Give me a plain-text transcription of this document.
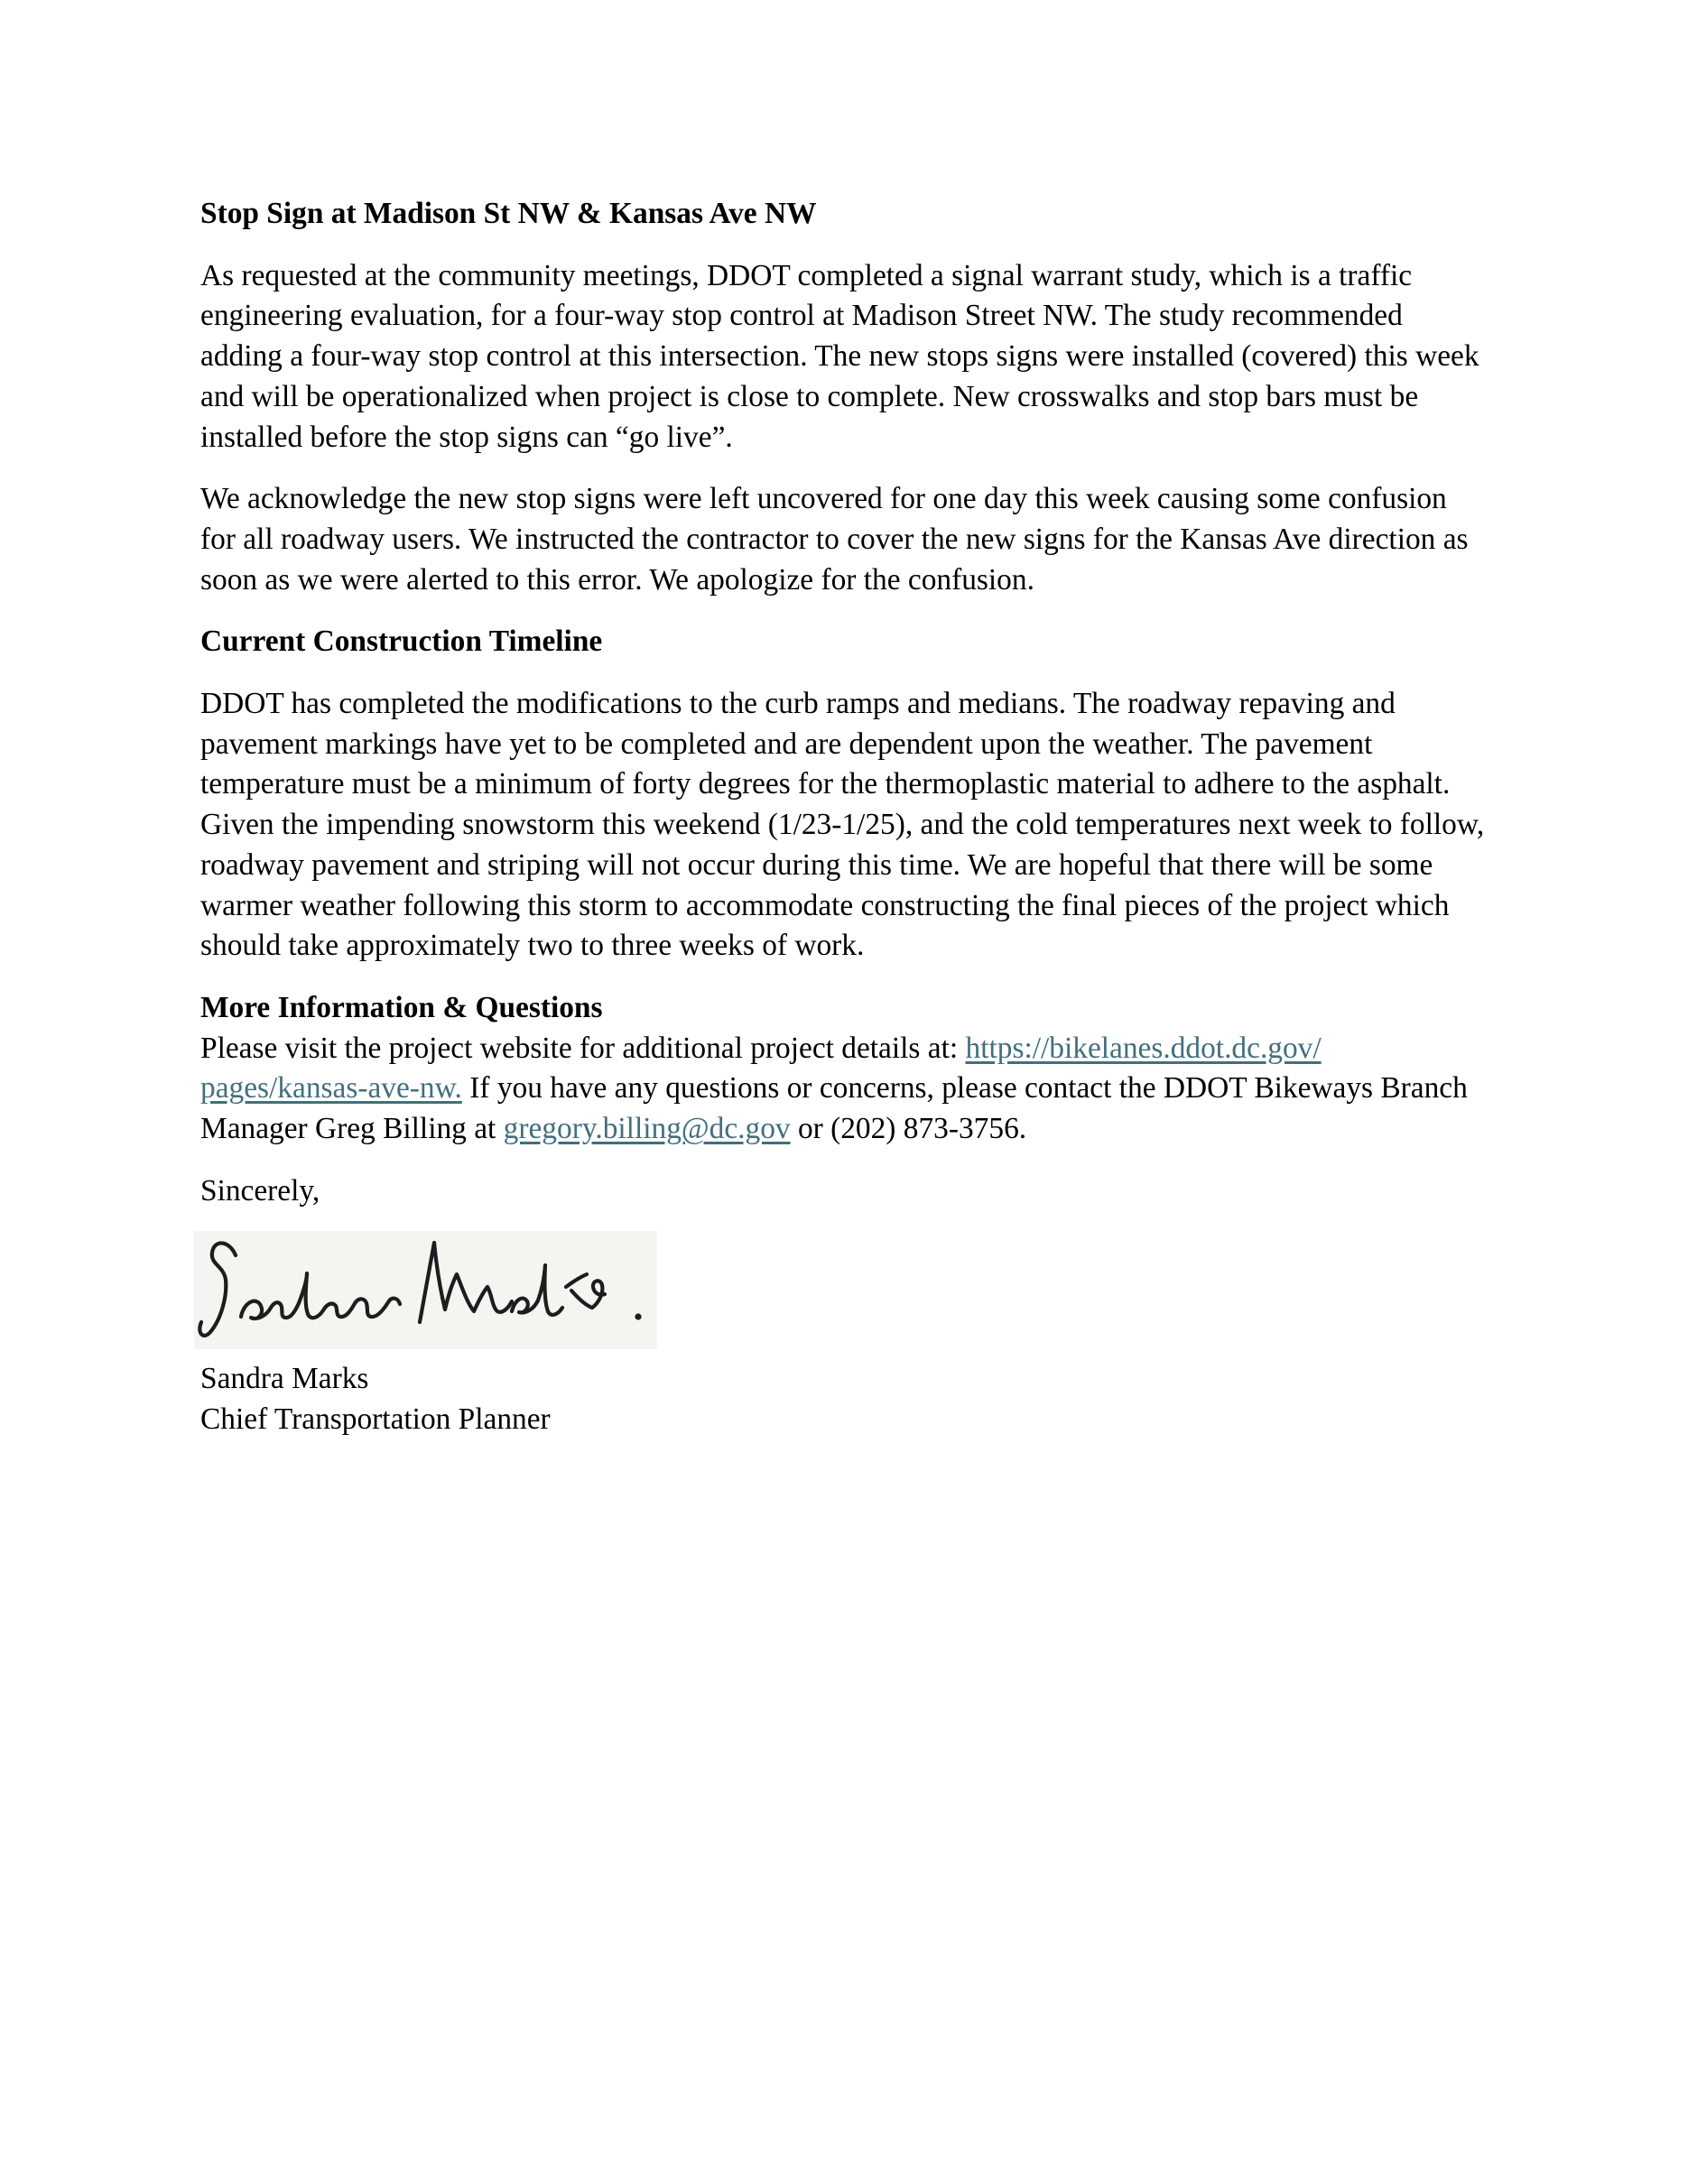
Stop Sign at Madison St NW & Kansas Ave NW

As requested at the community meetings, DDOT completed a signal warrant study, which is a traffic engineering evaluation, for a four-way stop control at Madison Street NW. The study recommended adding a four-way stop control at this intersection. The new stops signs were installed (covered) this week and will be operationalized when project is close to complete. New crosswalks and stop bars must be installed before the stop signs can “go live”.

We acknowledge the new stop signs were left uncovered for one day this week causing some confusion for all roadway users. We instructed the contractor to cover the new signs for the Kansas Ave direction as soon as we were alerted to this error. We apologize for the confusion.

Current Construction Timeline

DDOT has completed the modifications to the curb ramps and medians. The roadway repaving and pavement markings have yet to be completed and are dependent upon the weather. The pavement temperature must be a minimum of forty degrees for the thermoplastic material to adhere to the asphalt. Given the impending snowstorm this weekend (1/23-1/25), and the cold temperatures next week to follow, roadway pavement and striping will not occur during this time. We are hopeful that there will be some warmer weather following this storm to accommodate constructing the final pieces of the project which should take approximately two to three weeks of work.

More Information & Questions

Please visit the project website for additional project details at: https://bikelanes.ddot.dc.gov/pages/kansas-ave-nw. If you have any questions or concerns, please contact the DDOT Bikeways Branch Manager Greg Billing at gregory.billing@dc.gov or (202) 873-3756.

Sincerely,

Sandra Marks
Chief Transportation Planner
